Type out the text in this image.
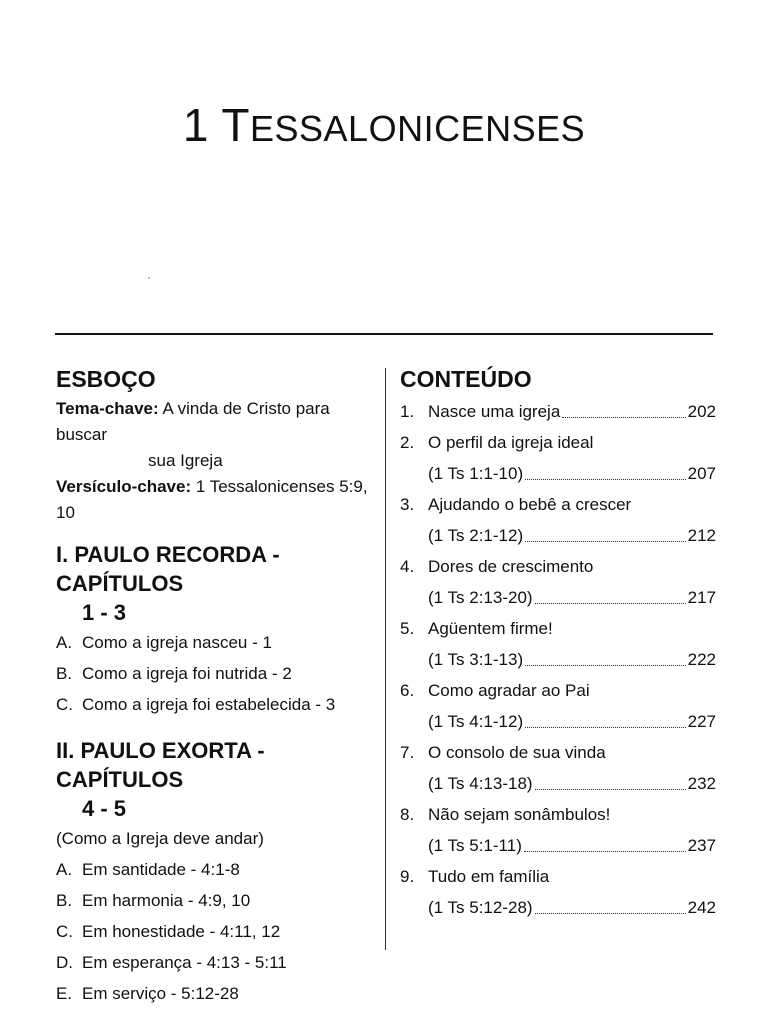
1 TESSALONICENSES
ESBOÇO

Tema-chave: A vinda de Cristo para buscar

sua Igreja

Versículo-chave: 1 Tessalonicenses 5:9, 10

I. PAULO RECORDA - CAPÍTULOS
1 - 3
A. Como a igreja nasceu - 1
B. Como a igreja foi nutrida - 2
C. Como a igreja foi estabelecida - 3
II. PAULO EXORTA - CAPÍTULOS
4 - 5
(Como a Igreja deve andar)
A. Em santidade - 4:1-8
B. Em harmonia - 4:9, 10
C. Em honestidade - 4:11, 12
D. Em esperança - 4:13 - 5:11
E. Em serviço - 5:12-28
CONTEÚDO
1. Nasce uma igreja	202
2. O perfil da igreja ideal
(1 Ts 1:1-10)	207
3. Ajudando o bebê a crescer
(1 Ts 2:1-12)	212
4. Dores de crescimento
(1 Ts 2:13-20)	217
5. Agüentem firme!
(1 Ts 3:1-13)	222
6. Como agradar ao Pai
(1 Ts 4:1-12)	227
7. O consolo de sua vinda
(1 Ts 4:13-18)	232
8. Não sejam sonâmbulos!
(1 Ts 5:1-11)	237
9. Tudo em família
(1 Ts 5:12-28)	242
